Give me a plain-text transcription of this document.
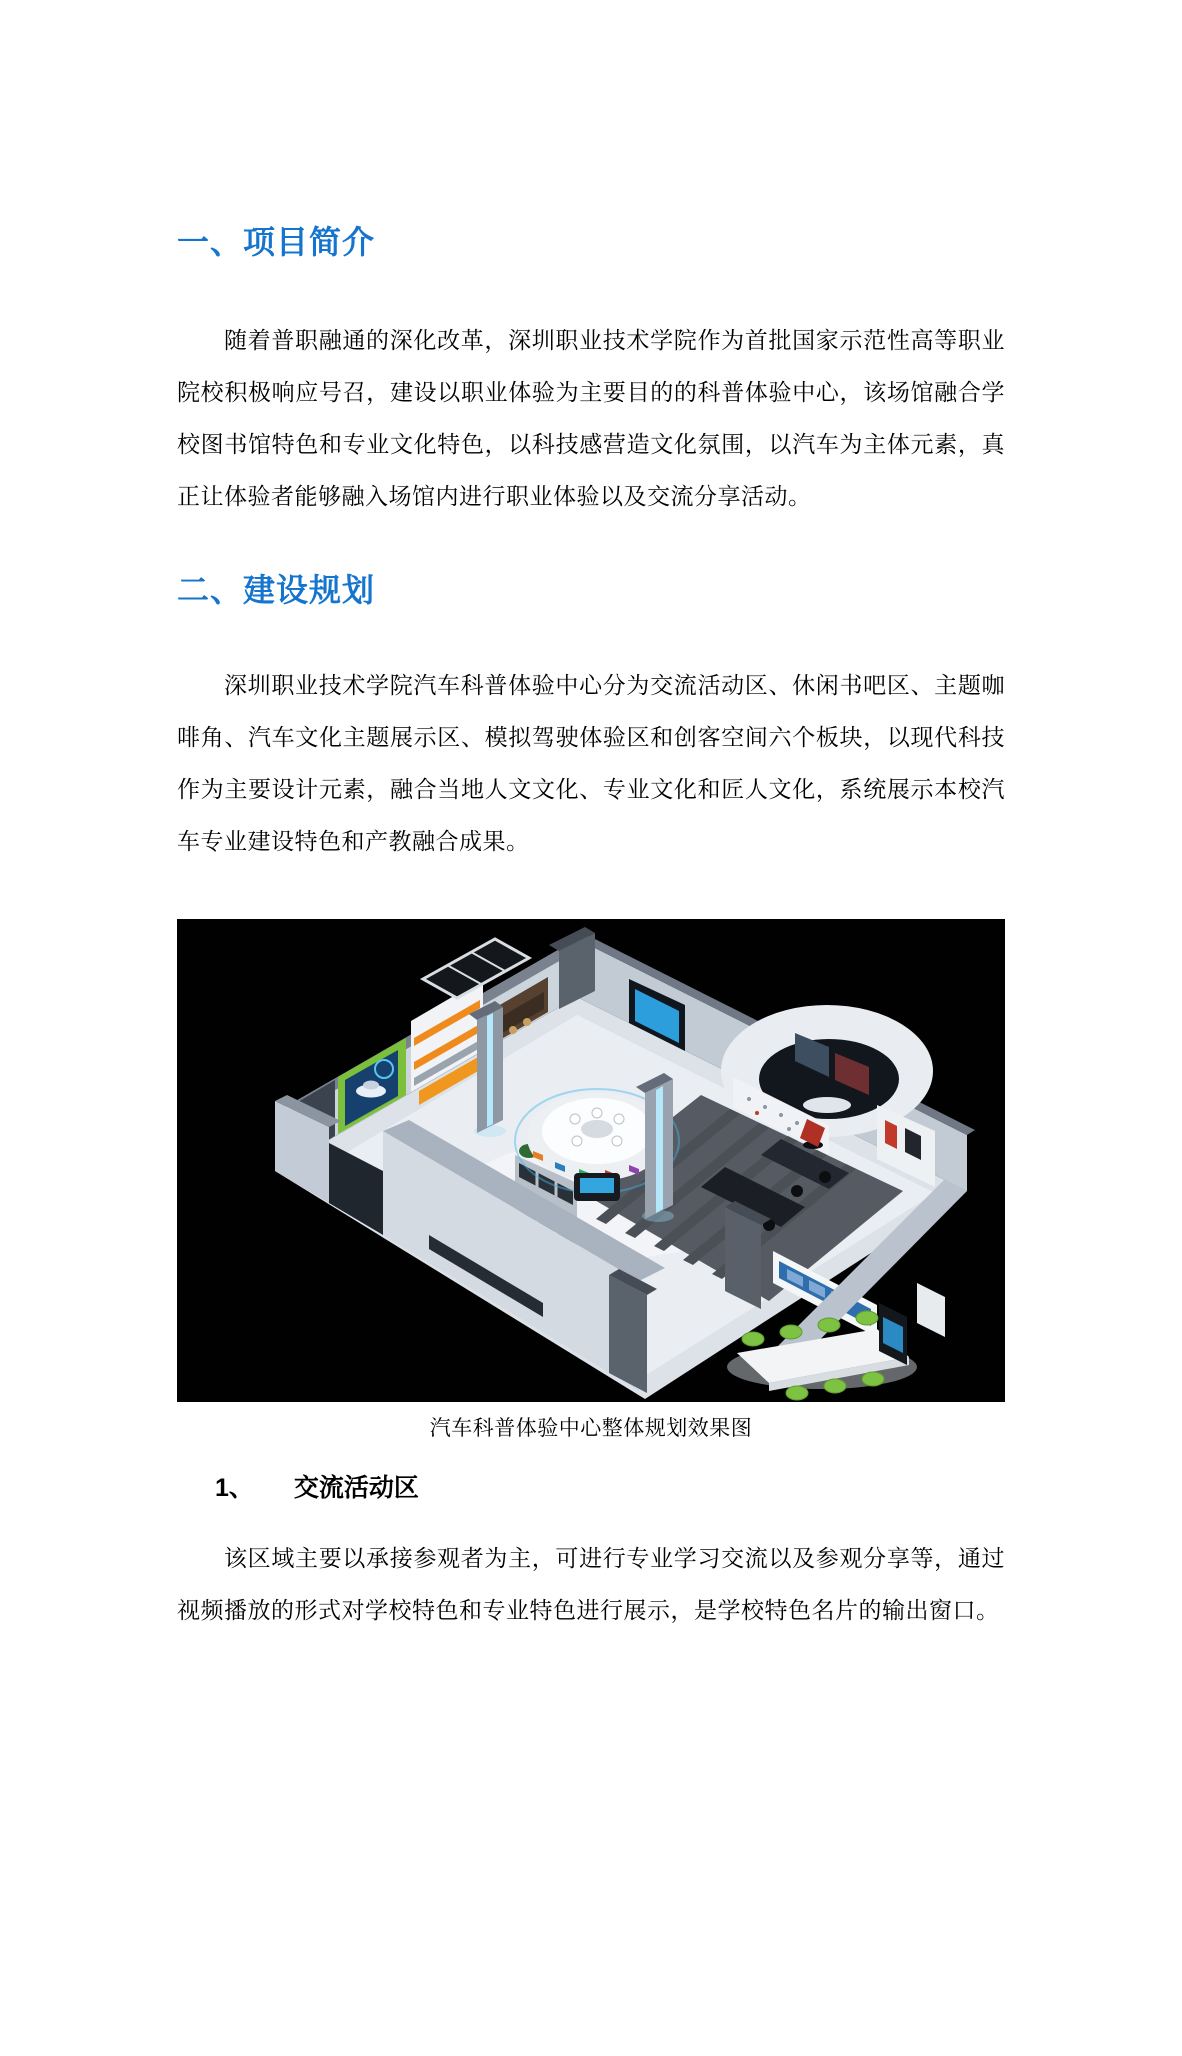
一、项目简介
随着普职融通的深化改革，深圳职业技术学院作为首批国家示范性高等职业院校积极响应号召，建设以职业体验为主要目的的科普体验中心，该场馆融合学校图书馆特色和专业文化特色，以科技感营造文化氛围，以汽车为主体元素，真正让体验者能够融入场馆内进行职业体验以及交流分享活动。
二、建设规划
深圳职业技术学院汽车科普体验中心分为交流活动区、休闲书吧区、主题咖啡角、汽车文化主题展示区、模拟驾驶体验区和创客空间六个板块，以现代科技作为主要设计元素，融合当地人文文化、专业文化和匠人文化，系统展示本校汽车专业建设特色和产教融合成果。
汽车科普体验中心整体规划效果图
1、 交流活动区
该区域主要以承接参观者为主，可进行专业学习交流以及参观分享等，通过视频播放的形式对学校特色和专业特色进行展示，是学校特色名片的输出窗口。
